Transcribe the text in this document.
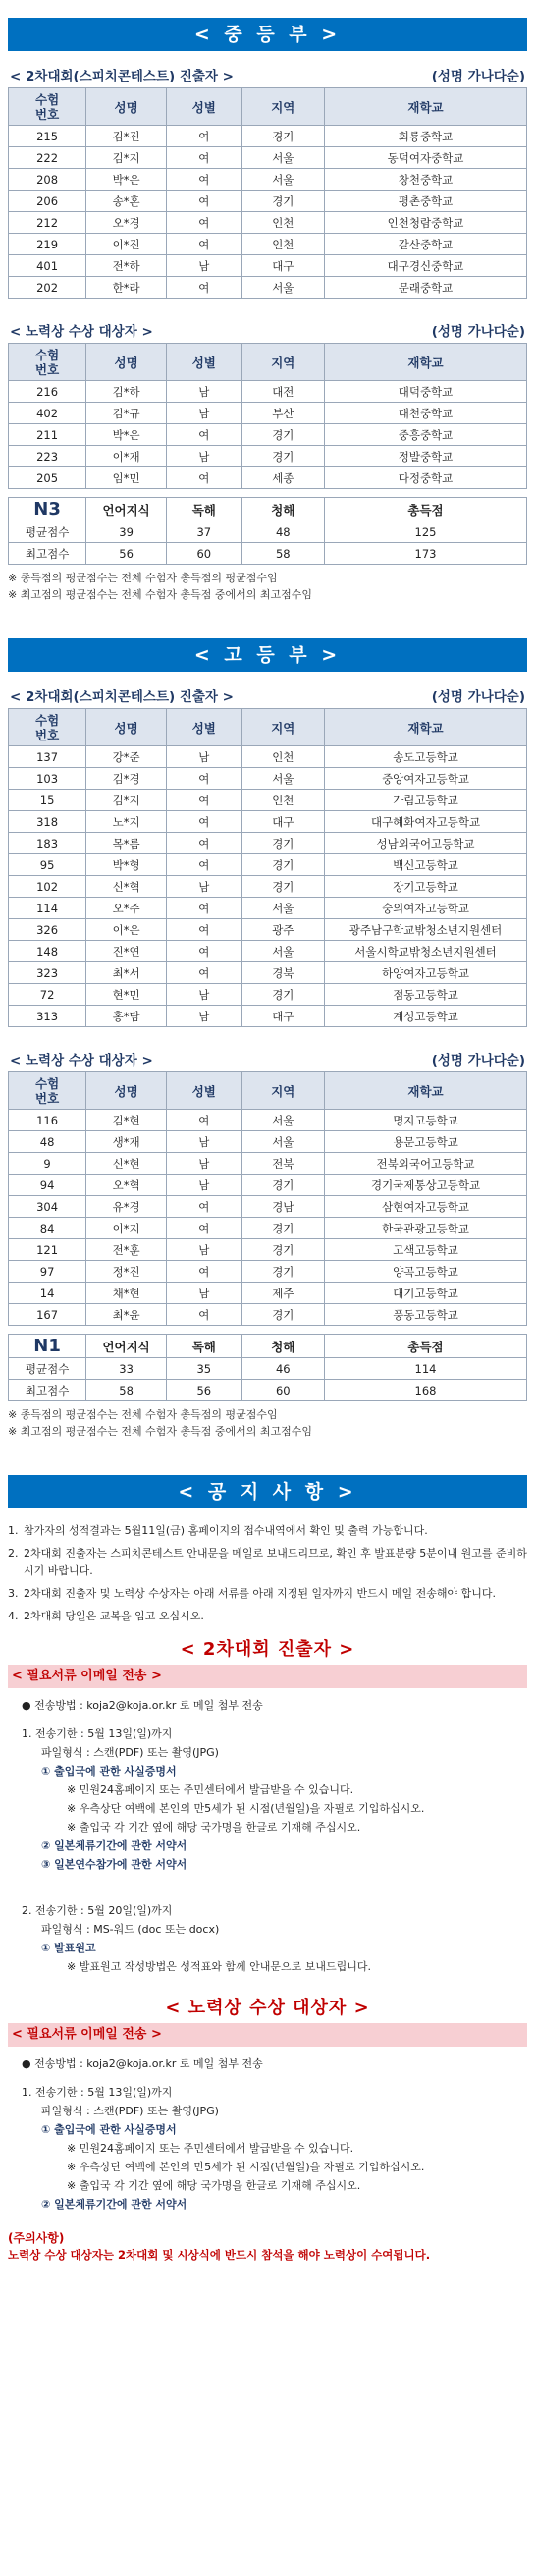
< 중 등 부 >
< 2차대회(스피치콘테스트) 진출자 >	(성명 가나다순)
수험
번호	성명	성별	지역	재학교
215	김*진	여	경기	회룡중학교
222	김*지	여	서울	동덕여자중학교
208	박*은	여	서울	창천중학교
206	송*혼	여	경기	평촌중학교
212	오*경	여	인천	인천청람중학교
219	이*진	여	인천	갈산중학교
401	전*하	남	대구	대구경신중학교
202	한*라	여	서울	문래중학교
< 노력상 수상 대상자 >	(성명 가나다순)
수험
번호	성명	성별	지역	재학교
216	김*하	남	대전	대덕중학교
402	김*규	남	부산	대천중학교
211	박*은	여	경기	중흥중학교
223	이*재	남	경기	정발중학교
205	임*민	여	세종	다정중학교
N3	언어지식	독해	청해	총득점
평균점수	39	37	48	125
최고점수	56	60	58	173
※ 종득점의 평균점수는 전체 수험자 총득점의 평균점수임
※ 최고점의 평균점수는 전체 수험자 총득점 중에서의 최고점수임
< 고 등 부 >
< 2차대회(스피치콘테스트) 진출자 >	(성명 가나다순)
수험
번호	성명	성별	지역	재학교
137	강*준	남	인천	송도고등학교
103	김*경	여	서울	중앙여자고등학교
15	김*지	여	인천	가림고등학교
318	노*지	여	대구	대구혜화여자고등학교
183	목*름	여	경기	성남외국어고등학교
95	박*형	여	경기	백신고등학교
102	신*혁	남	경기	장기고등학교
114	오*주	여	서울	숭의여자고등학교
326	이*은	여	광주	광주남구학교밖청소년지원센터
148	진*연	여	서울	서울시학교밖청소년지원센터
323	최*서	여	경북	하양여자고등학교
72	현*민	남	경기	점동고등학교
313	홍*담	남	대구	계성고등학교
< 노력상 수상 대상자 >	(성명 가나다순)
수험
번호	성명	성별	지역	재학교
116	김*현	여	서울	명지고등학교
48	생*재	남	서울	용문고등학교
9	신*현	남	전북	전북외국어고등학교
94	오*혁	남	경기	경기국제통상고등학교
304	유*경	여	경남	삼현여자고등학교
84	이*지	여	경기	한국관광고등학교
121	전*훈	남	경기	고색고등학교
97	정*진	여	경기	양곡고등학교
14	채*현	남	제주	대기고등학교
167	최*윤	여	경기	풍동고등학교
N1	언어지식	독해	청해	총득점
평균점수	33	35	46	114
최고점수	58	56	60	168
※ 종득점의 평균점수는 전체 수험자 총득점의 평균점수임
※ 최고점의 평균점수는 전체 수험자 총득점 중에서의 최고점수임
< 공 지 사 항 >
1. 참가자의 성적결과는 5월11일(금) 홈페이지의 접수내역에서 확인 및 출력 가능합니다.
2. 2차대회 진출자는 스피치콘테스트 안내문을 메일로 보내드리므로, 확인 후 발표분량 5분이내 원고를 준비하시기 바랍니다.
3. 2차대회 진출자 및 노력상 수상자는 아래 서류를 아래 지정된 일자까지 반드시 메일 전송해야 합니다.
4. 2차대회 당일은 교복을 입고 오십시오.
< 2차대회 진출자 >
< 필요서류 이메일 전송 >
● 전송방법 : koja2@koja.or.kr 로 메일 첨부 전송
1. 전송기한 : 5월 13일(일)까지
파일형식 : 스캔(PDF) 또는 촬영(JPG)
① 출입국에 관한 사실증명서
※ 민원24홈페이지 또는 주민센터에서 발급받을 수 있습니다.
※ 우측상단 여백에 본인의 만5세가 된 시점(년월일)을 자필로 기입하십시오.
※ 출입국 각 기간 옆에 해당 국가명을 한글로 기재해 주십시오.
② 일본체류기간에 관한 서약서
③ 일본연수참가에 관한 서약서
2. 전송기한 : 5월 20일(일)까지
파일형식 : MS-워드 (doc 또는 docx)
① 발표원고
※ 발표원고 작성방법은 성적표와 함께 안내문으로 보내드립니다.
< 노력상 수상 대상자 >
< 필요서류 이메일 전송 >
● 전송방법 : koja2@koja.or.kr 로 메일 첨부 전송
1. 전송기한 : 5월 13일(일)까지
파일형식 : 스캔(PDF) 또는 촬영(JPG)
① 출입국에 관한 사실증명서
※ 민원24홈페이지 또는 주민센터에서 발급받을 수 있습니다.
※ 우측상단 여백에 본인의 만5세가 된 시점(년월일)을 자필로 기입하십시오.
※ 출입국 각 기간 옆에 해당 국가명을 한글로 기재해 주십시오.
② 일본체류기간에 관한 서약서
(주의사항)
노력상 수상 대상자는 2차대회 및 시상식에 반드시 참석을 해야 노력상이 수여됩니다.
